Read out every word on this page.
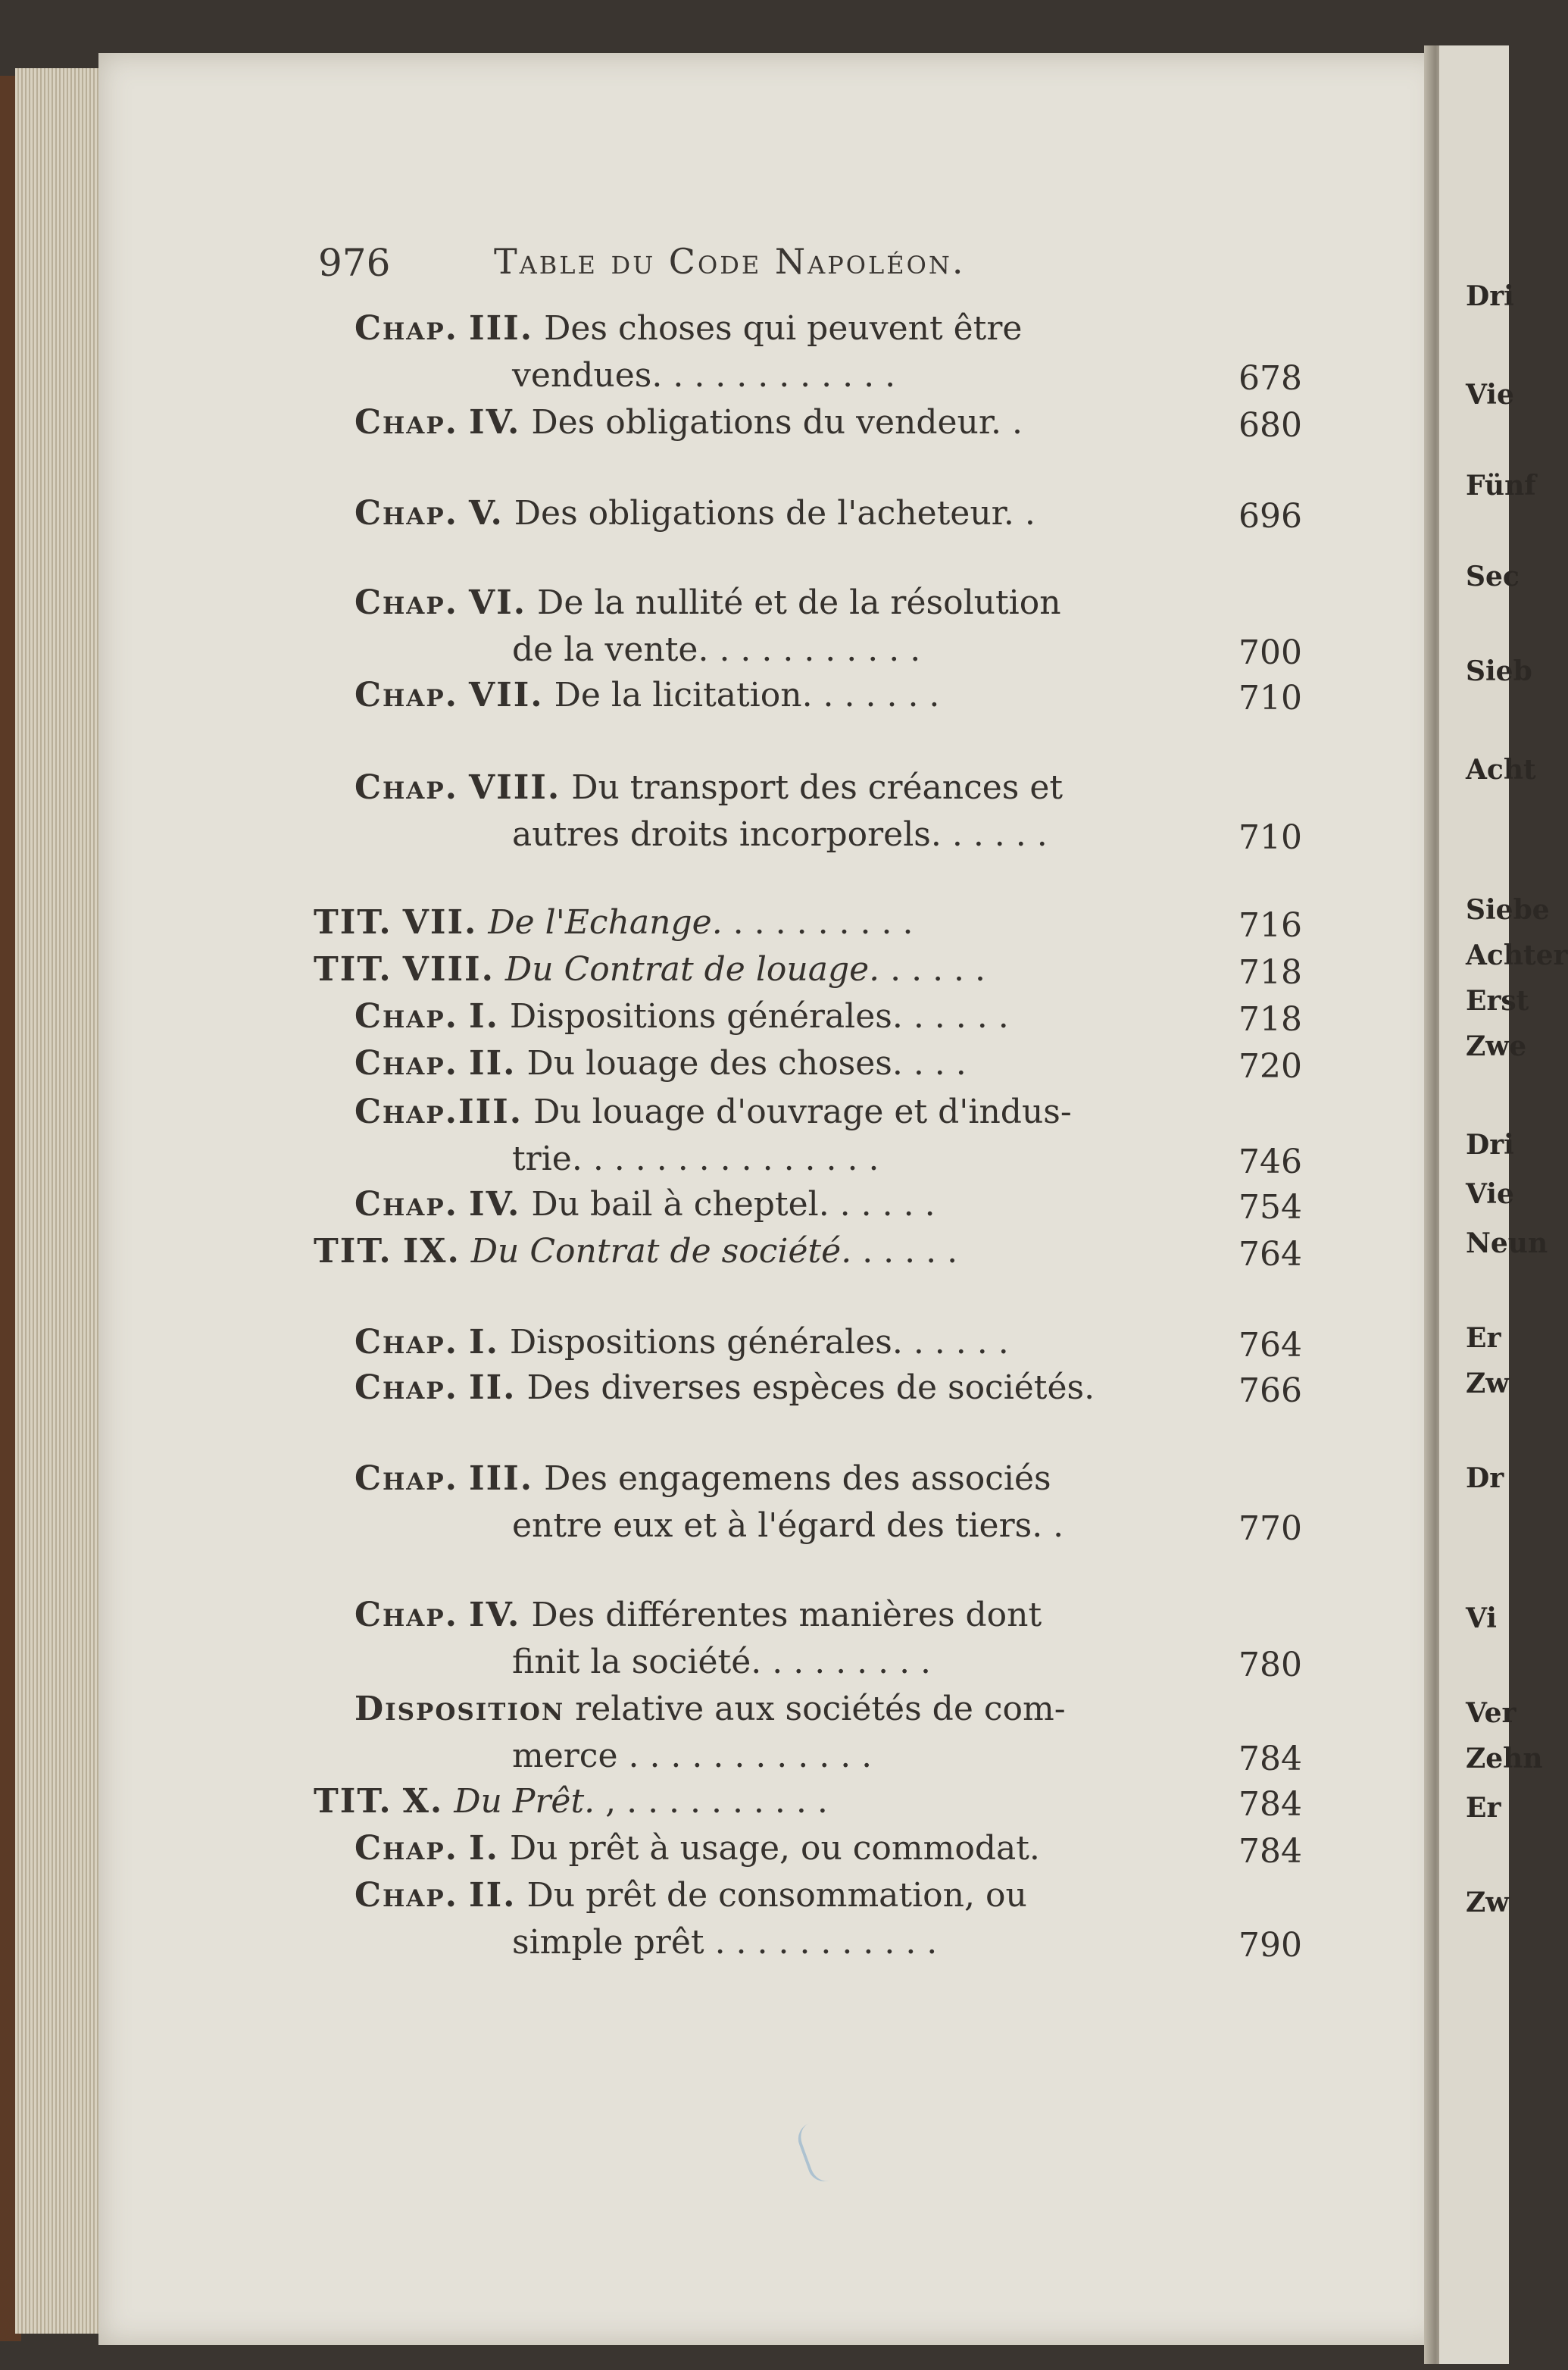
Dri
Vie
Fünf
Sec
Sieb
Acht
Siebe
Achter
Erst
Zwe
Dri
Vie
Neun
Er
Zw
Dr
Vi
Ver
Zehn
Er
Zw
976	Table du Code Napoléon.
Chap. III. Des choses qui peuvent être
vendues. . . . . . . . . . . .	678
Chap. IV. Des obligations du vendeur. .	680
Chap. V. Des obligations de l'acheteur. .	696
Chap. VI. De la nullité et de la résolution
de la vente. . . . . . . . . . .	700
Chap. VII. De la licitation. . . . . . .	710
Chap. VIII. Du transport des créances et
autres droits incorporels. . . . . .	710
TIT. VII. De l'Echange. . . . . . . . . .	716
TIT. VIII. Du Contrat de louage. . . . . .	718
Chap. I. Dispositions générales. . . . . .	718
Chap. II. Du louage des choses. . . .	720
Chap.III. Du louage d'ouvrage et d'indus-
trie. . . . . . . . . . . . . . .	746
Chap. IV. Du bail à cheptel. . . . . .	754
TIT. IX. Du Contrat de société. . . . . .	764
Chap. I. Dispositions générales. . . . . .	764
Chap. II. Des diverses espèces de sociétés.	766
Chap. III. Des engagemens des associés
entre eux et à l'égard des tiers. .	770
Chap. IV. Des différentes manières dont
finit la société. . . . . . . . .	780
Disposition relative aux sociétés de com-
merce . . . . . . . . . . . .	784
TIT. X. Du Prêt. , . . . . . . . . . .	784
Chap. I. Du prêt à usage, ou commodat.	784
Chap. II. Du prêt de consommation, ou
simple prêt . . . . . . . . . . .	790
